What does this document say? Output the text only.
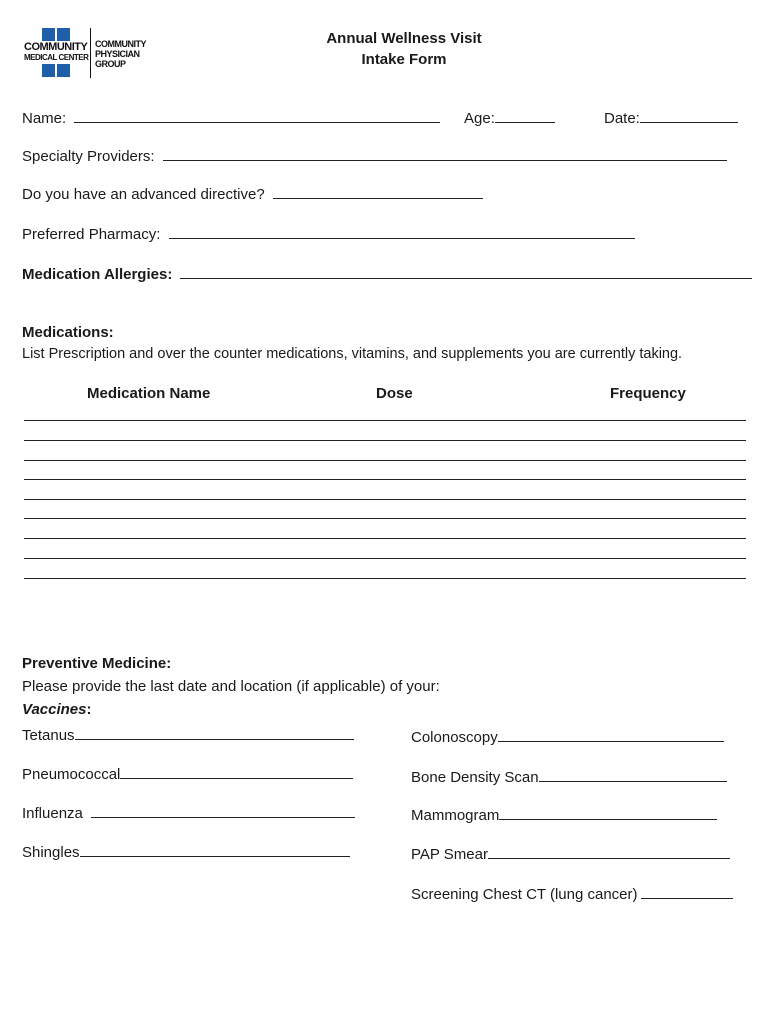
COMMUNITY
MEDICAL CENTER
COMMUNITY
PHYSICIAN
GROUP
Annual Wellness Visit
Intake Form
Name:	Age:	Date:
Specialty Providers:
Do you have an advanced directive?
Preferred Pharmacy:
Medication Allergies:
Medications:
List Prescription and over the counter medications, vitamins, and supplements you are currently taking.
Medication Name	Dose	Frequency
Preventive Medicine:
Please provide the last date and location (if applicable) of your:
Vaccines:
Tetanus
Pneumococcal
Influenza
Shingles
Colonoscopy
Bone Density Scan
Mammogram
PAP Smear
Screening Chest CT (lung cancer)
